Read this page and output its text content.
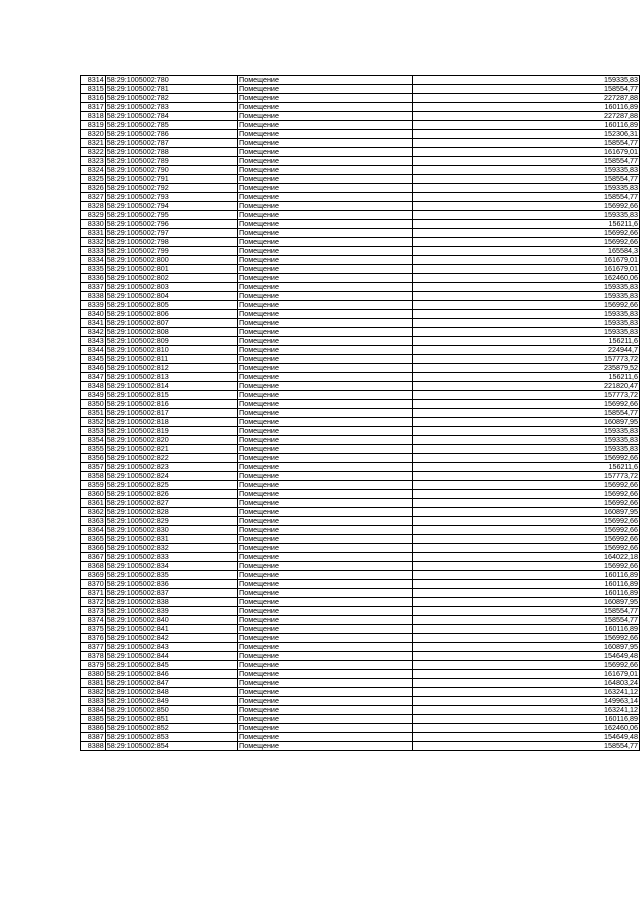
8314	58:29:1005002:780	Помещение	159335,83
8315	58:29:1005002:781	Помещение	158554,77
8316	58:29:1005002:782	Помещение	227287,88
8317	58:29:1005002:783	Помещение	160116,89
8318	58:29:1005002:784	Помещение	227287,88
8319	58:29:1005002:785	Помещение	160116,89
8320	58:29:1005002:786	Помещение	152306,31
8321	58:29:1005002:787	Помещение	158554,77
8322	58:29:1005002:788	Помещение	161679,01
8323	58:29:1005002:789	Помещение	158554,77
8324	58:29:1005002:790	Помещение	159335,83
8325	58:29:1005002:791	Помещение	158554,77
8326	58:29:1005002:792	Помещение	159335,83
8327	58:29:1005002:793	Помещение	158554,77
8328	58:29:1005002:794	Помещение	156992,66
8329	58:29:1005002:795	Помещение	159335,83
8330	58:29:1005002:796	Помещение	156211,6
8331	58:29:1005002:797	Помещение	156992,66
8332	58:29:1005002:798	Помещение	156992,66
8333	58:29:1005002:799	Помещение	165584,3
8334	58:29:1005002:800	Помещение	161679,01
8335	58:29:1005002:801	Помещение	161679,01
8336	58:29:1005002:802	Помещение	162460,06
8337	58:29:1005002:803	Помещение	159335,83
8338	58:29:1005002:804	Помещение	159335,83
8339	58:29:1005002:805	Помещение	156992,66
8340	58:29:1005002:806	Помещение	159335,83
8341	58:29:1005002:807	Помещение	159335,83
8342	58:29:1005002:808	Помещение	159335,83
8343	58:29:1005002:809	Помещение	156211,6
8344	58:29:1005002:810	Помещение	224944,7
8345	58:29:1005002:811	Помещение	157773,72
8346	58:29:1005002:812	Помещение	235879,52
8347	58:29:1005002:813	Помещение	156211,6
8348	58:29:1005002:814	Помещение	221820,47
8349	58:29:1005002:815	Помещение	157773,72
8350	58:29:1005002:816	Помещение	156992,66
8351	58:29:1005002:817	Помещение	158554,77
8352	58:29:1005002:818	Помещение	160897,95
8353	58:29:1005002:819	Помещение	159335,83
8354	58:29:1005002:820	Помещение	159335,83
8355	58:29:1005002:821	Помещение	159335,83
8356	58:29:1005002:822	Помещение	156992,66
8357	58:29:1005002:823	Помещение	156211,6
8358	58:29:1005002:824	Помещение	157773,72
8359	58:29:1005002:825	Помещение	156992,66
8360	58:29:1005002:826	Помещение	156992,66
8361	58:29:1005002:827	Помещение	156992,66
8362	58:29:1005002:828	Помещение	160897,95
8363	58:29:1005002:829	Помещение	156992,66
8364	58:29:1005002:830	Помещение	156992,66
8365	58:29:1005002:831	Помещение	156992,66
8366	58:29:1005002:832	Помещение	156992,66
8367	58:29:1005002:833	Помещение	164022,18
8368	58:29:1005002:834	Помещение	156992,66
8369	58:29:1005002:835	Помещение	160116,89
8370	58:29:1005002:836	Помещение	160116,89
8371	58:29:1005002:837	Помещение	160116,89
8372	58:29:1005002:838	Помещение	160897,95
8373	58:29:1005002:839	Помещение	158554,77
8374	58:29:1005002:840	Помещение	158554,77
8375	58:29:1005002:841	Помещение	160116,89
8376	58:29:1005002:842	Помещение	156992,66
8377	58:29:1005002:843	Помещение	160897,95
8378	58:29:1005002:844	Помещение	154649,48
8379	58:29:1005002:845	Помещение	156992,66
8380	58:29:1005002:846	Помещение	161679,01
8381	58:29:1005002:847	Помещение	164803,24
8382	58:29:1005002:848	Помещение	163241,12
8383	58:29:1005002:849	Помещение	149963,14
8384	58:29:1005002:850	Помещение	163241,12
8385	58:29:1005002:851	Помещение	160116,89
8386	58:29:1005002:852	Помещение	162460,06
8387	58:29:1005002:853	Помещение	154649,48
8388	58:29:1005002:854	Помещение	158554,77
